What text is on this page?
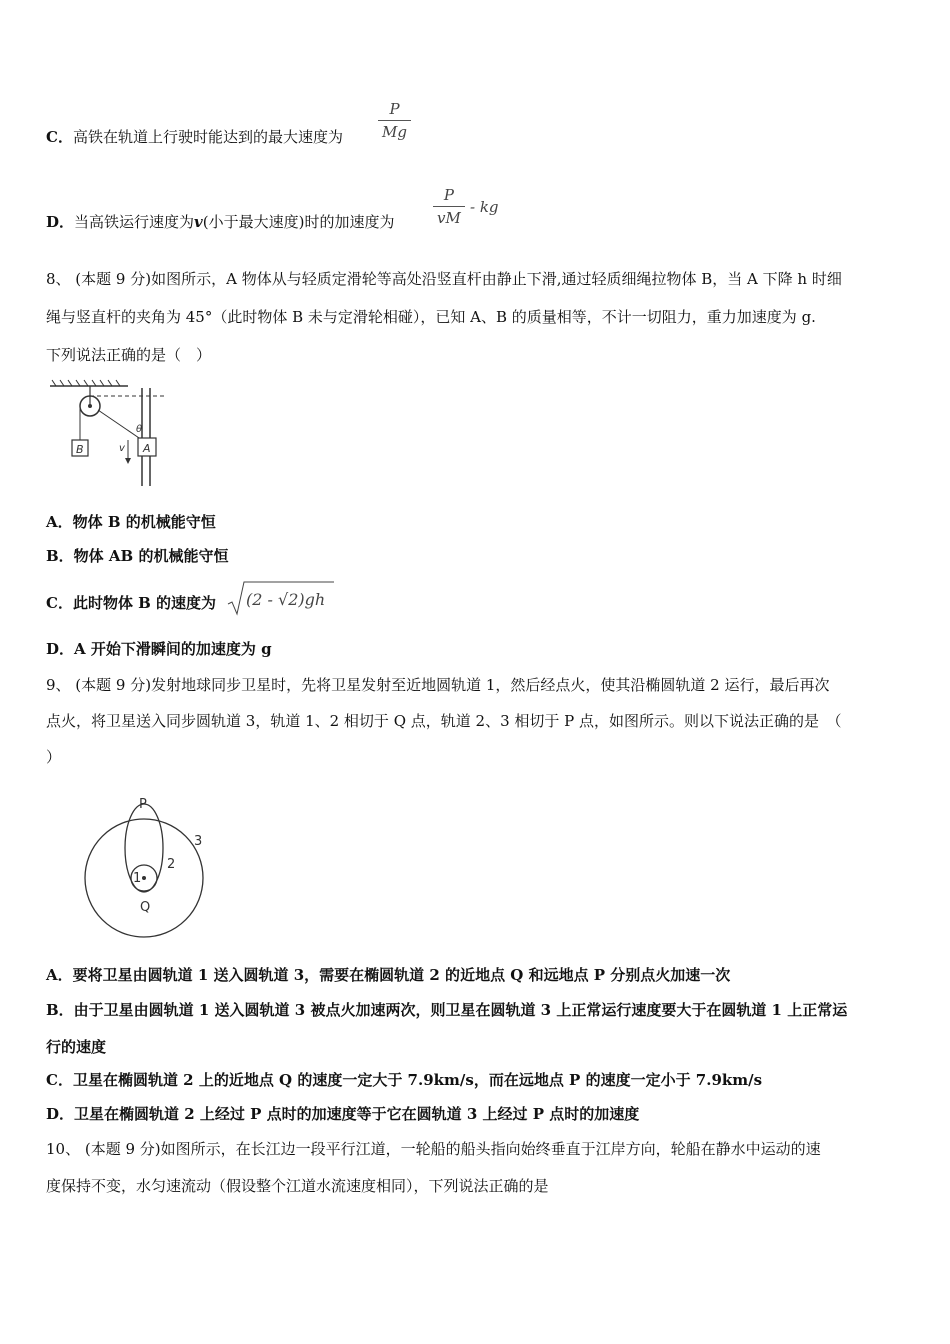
C．高铁在轨道上行驶时能达到的最大速度为 $\frac{P}{Mg}$
D．当高铁运行速度为v(小于最大速度)时的加速度为	$\frac{P}{vM}$ - kg
8、 (本题 9 分)如图所示，A 物体从与轻质定滑轮等高处沿竖直杆由静止下滑,通过轻质细绳拉物体 B，当 A 下降 h 时细
绳与竖直杆的夹角为 45°（此时物体 B 未与定滑轮相碰），已知 A、B 的质量相等，不计一切阻力，重力加速度为 g.
下列说法正确的是（　）
B	A
θ
v
A．物体 B 的机械能守恒
B．物体 AB 的机械能守恒
C．此时物体 B 的速度为 (2 - √2)gh
D．A 开始下滑瞬间的加速度为 g
9、 (本题 9 分)发射地球同步卫星时，先将卫星发射至近地圆轨道 1，然后经点火，使其沿椭圆轨道 2 运行，最后再次
点火，将卫星送入同步圆轨道 3，轨道 1、2 相切于 Q 点，轨道 2、3 相切于 P 点，如图所示。则以下说法正确的是　（
）
P
Q
1
2
3
A．要将卫星由圆轨道 1 送入圆轨道 3，需要在椭圆轨道 2 的近地点 Q 和远地点 P 分别点火加速一次
B．由于卫星由圆轨道 1 送入圆轨道 3 被点火加速两次，则卫星在圆轨道 3 上正常运行速度要大于在圆轨道 1 上正常运
行的速度
C．卫星在椭圆轨道 2 上的近地点 Q 的速度一定大于 7.9km/s，而在远地点 P 的速度一定小于 7.9km/s
D．卫星在椭圆轨道 2 上经过 P 点时的加速度等于它在圆轨道 3 上经过 P 点时的加速度
10、 (本题 9 分)如图所示，在长江边一段平行江道，一轮船的船头指向始终垂直于江岸方向，轮船在静水中运动的速
度保持不变，水匀速流动（假设整个江道水流速度相同），下列说法正确的是
